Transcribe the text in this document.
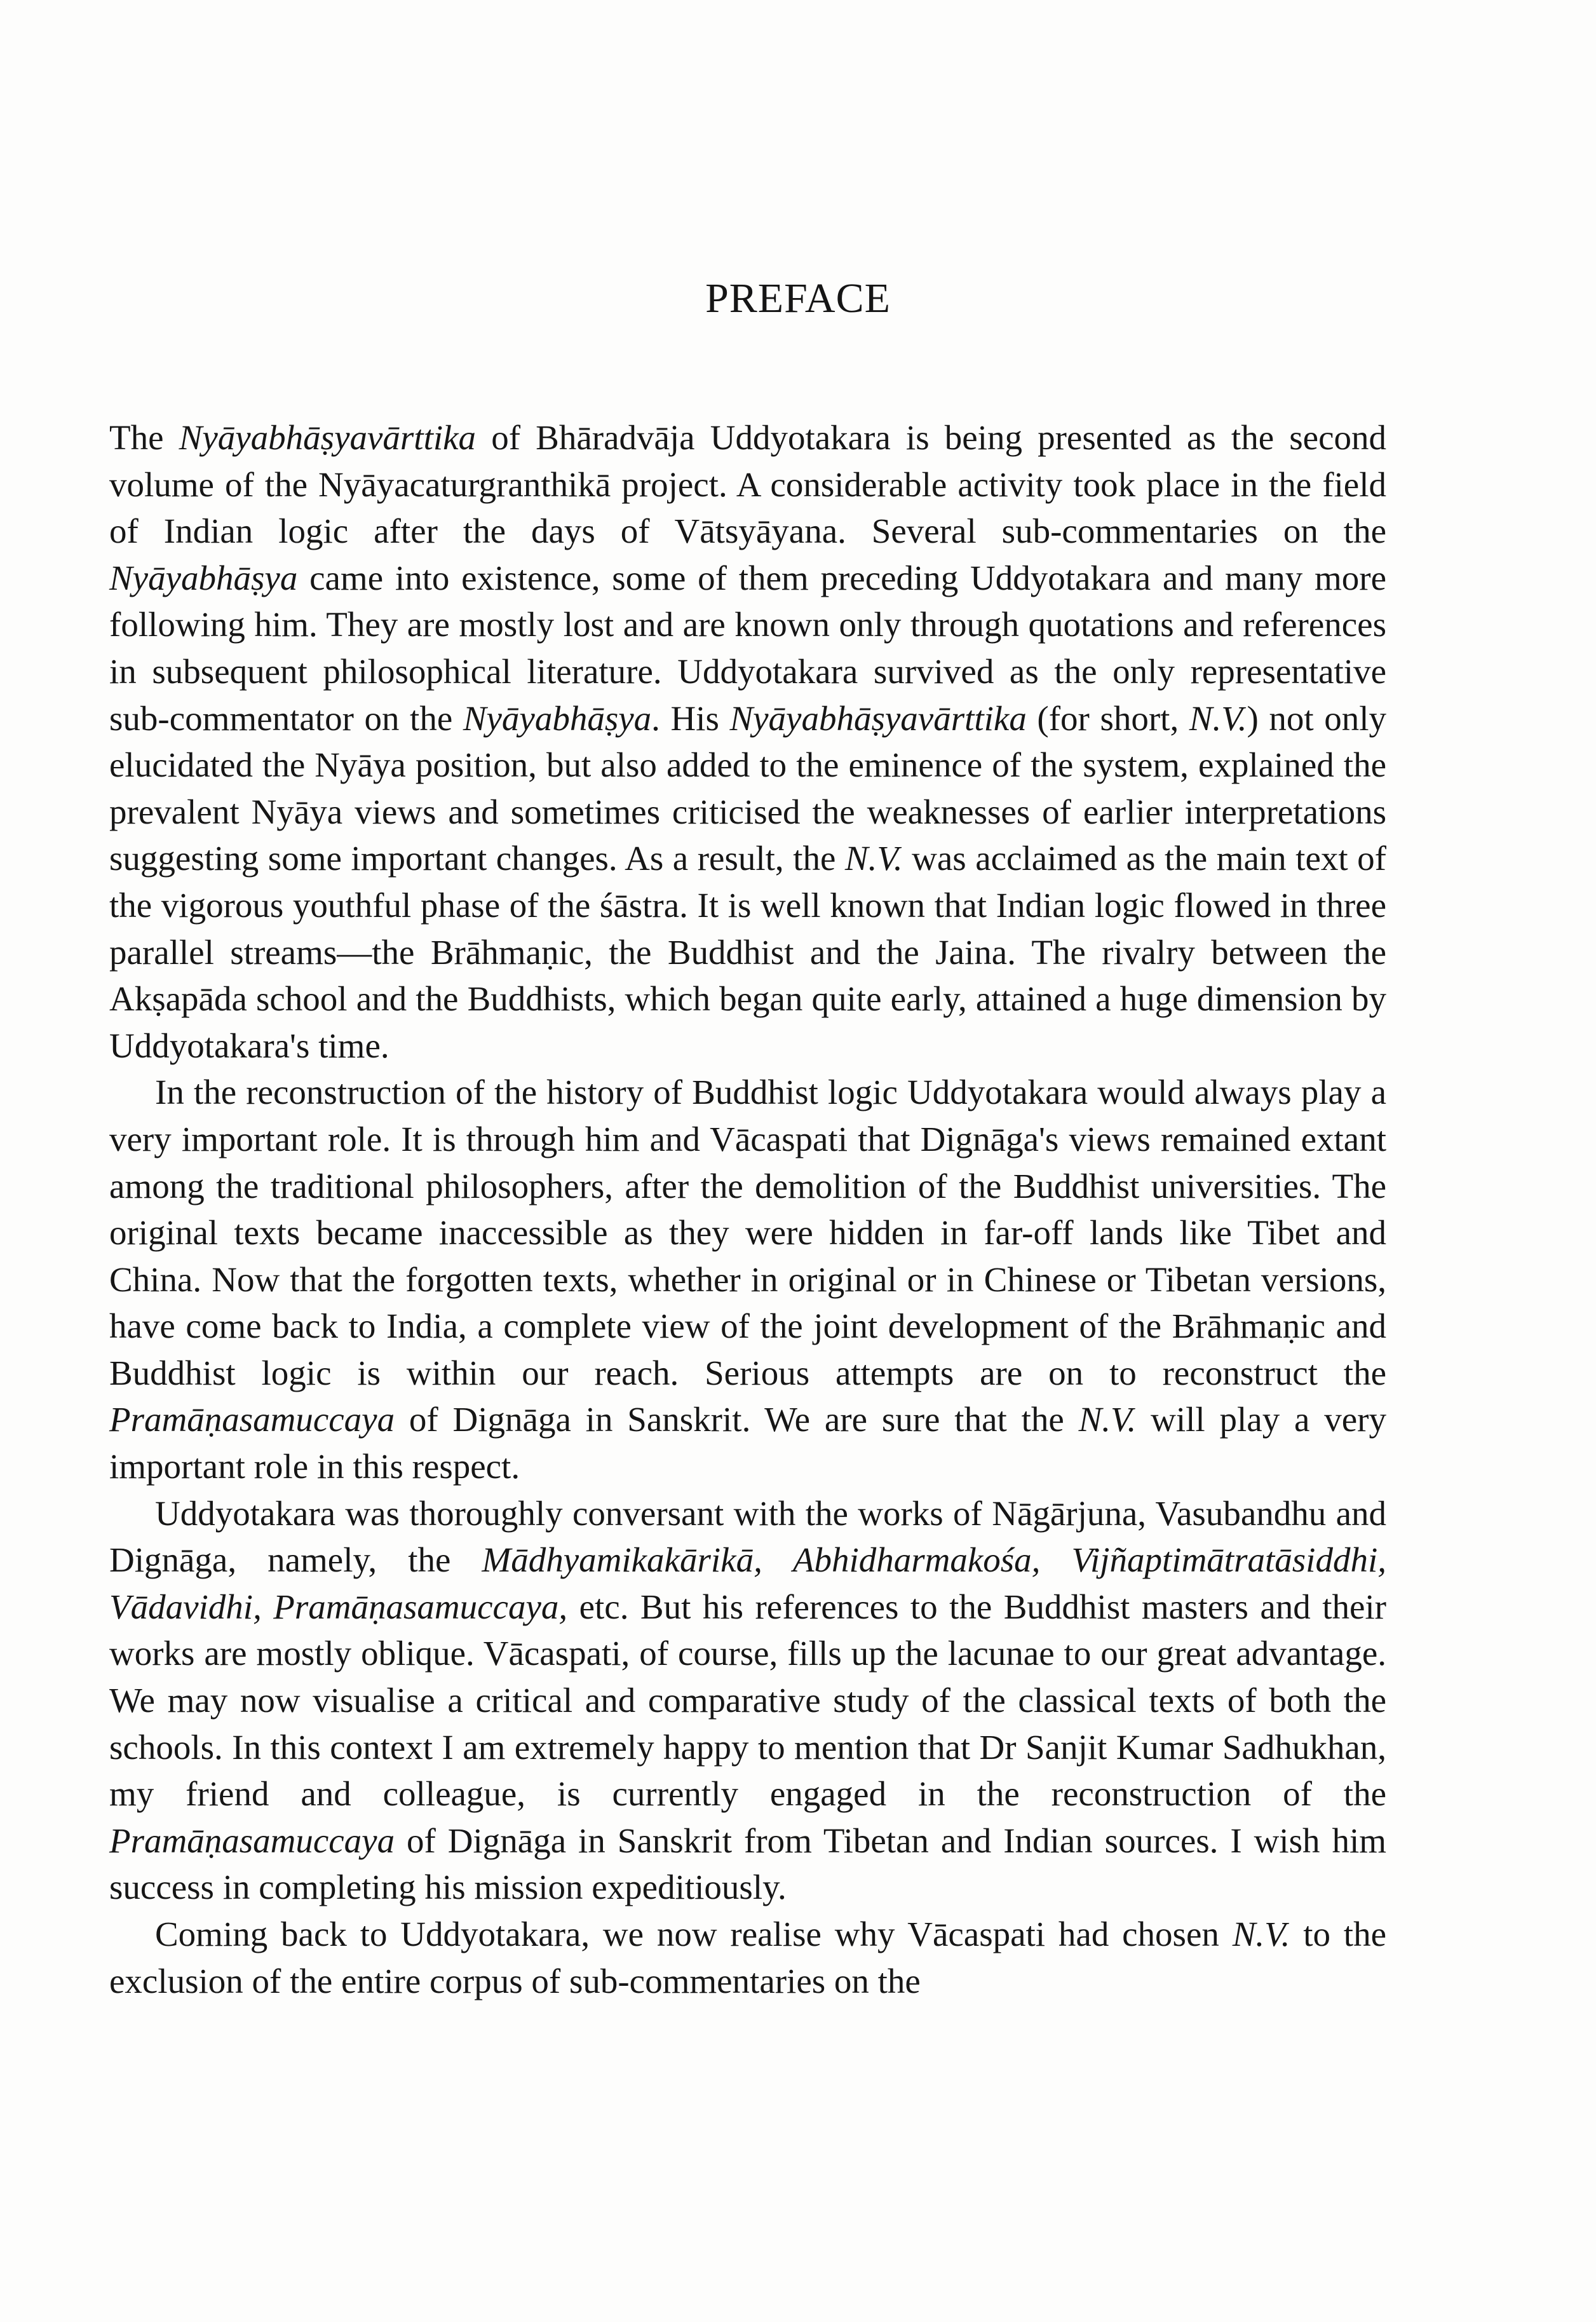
PREFACE

The Nyāyabhāṣyavārttika of Bhāradvāja Uddyotakara is being presented as the second volume of the Nyāyacaturgranthikā project. A considerable activity took place in the field of Indian logic after the days of Vātsyāyana. Several sub-commentaries on the Nyāyabhāṣya came into existence, some of them preceding Uddyotakara and many more following him. They are mostly lost and are known only through quotations and references in subsequent philosophical literature. Uddyotakara survived as the only representative sub-commentator on the Nyāyabhāṣya. His Nyāyabhāṣyavārttika (for short, N.V.) not only elucidated the Nyāya position, but also added to the eminence of the system, explained the prevalent Nyāya views and sometimes criticised the weaknesses of earlier interpretations suggesting some important changes. As a result, the N.V. was acclaimed as the main text of the vigorous youthful phase of the śāstra. It is well known that Indian logic flowed in three parallel streams—the Brāhmaṇic, the Buddhist and the Jaina. The rivalry between the Akṣapāda school and the Buddhists, which began quite early, attained a huge dimension by Uddyotakara's time.

In the reconstruction of the history of Buddhist logic Uddyotakara would always play a very important role. It is through him and Vācaspati that Dignāga's views remained extant among the traditional philosophers, after the demolition of the Buddhist universities. The original texts became inaccessible as they were hidden in far-off lands like Tibet and China. Now that the forgotten texts, whether in original or in Chinese or Tibetan versions, have come back to India, a complete view of the joint development of the Brāhmaṇic and Buddhist logic is within our reach. Serious attempts are on to reconstruct the Pramāṇasamuccaya of Dignāga in Sanskrit. We are sure that the N.V. will play a very important role in this respect.

Uddyotakara was thoroughly conversant with the works of Nāgārjuna, Vasubandhu and Dignāga, namely, the Mādhyamikakārikā, Abhidharmakośa, Vijñaptimātratāsiddhi, Vādavidhi, Pramāṇasamuccaya, etc. But his references to the Buddhist masters and their works are mostly oblique. Vācaspati, of course, fills up the lacunae to our great advantage. We may now visualise a critical and comparative study of the classical texts of both the schools. In this context I am extremely happy to mention that Dr Sanjit Kumar Sadhukhan, my friend and colleague, is currently engaged in the reconstruction of the Pramāṇasamuccaya of Dignāga in Sanskrit from Tibetan and Indian sources. I wish him success in completing his mission expeditiously.

Coming back to Uddyotakara, we now realise why Vācaspati had chosen N.V. to the exclusion of the entire corpus of sub-commentaries on the
